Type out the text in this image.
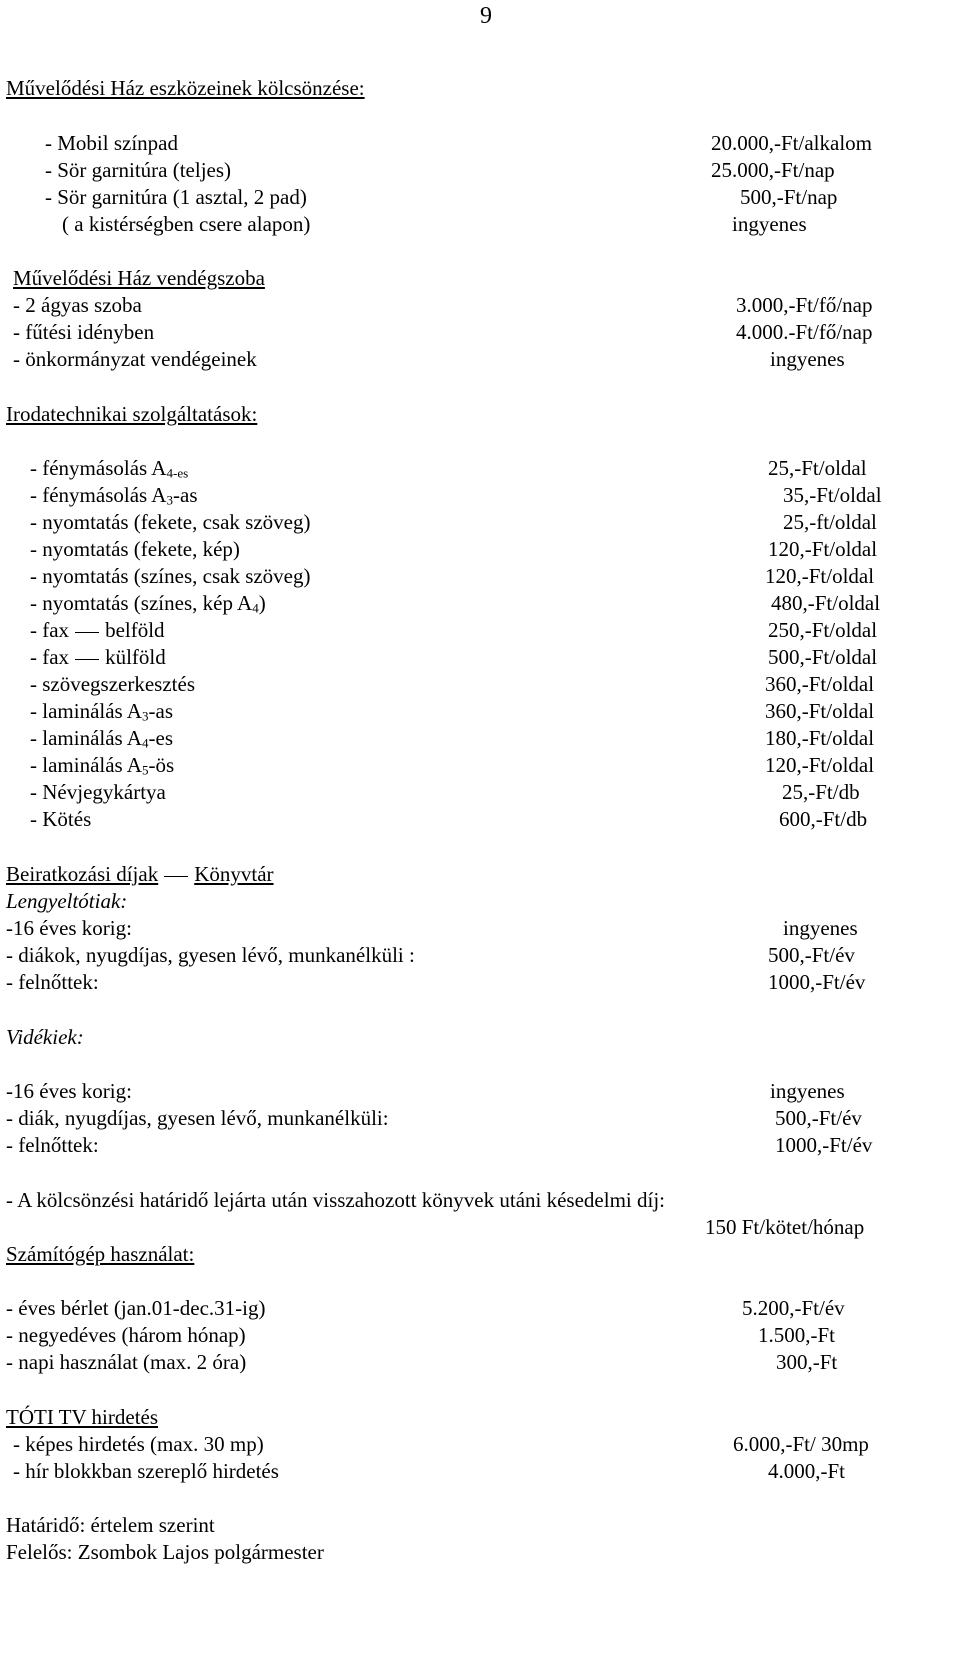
9
Művelődési Ház eszközeinek kölcsönzése:
- Mobil színpad	20.000,-Ft/alkalom
- Sör garnitúra (teljes)	25.000,-Ft/nap
- Sör garnitúra (1 asztal, 2 pad)	500,-Ft/nap
( a kistérségben csere alapon)	ingyenes
Művelődési Ház vendégszoba
- 2 ágyas szoba	3.000,-Ft/fő/nap
- fűtési idényben	4.000.-Ft/fő/nap
- önkormányzat vendégeinek	ingyenes
Irodatechnikai szolgáltatások:
- fénymásolás $A_{4-es}$	25,-Ft/oldal
- fénymásolás $A_3-as$	35,-Ft/oldal
- nyomtatás (fekete, csak szöveg)	25,-ft/oldal
- nyomtatás (fekete, kép)	120,-Ft/oldal
- nyomtatás (színes, csak szöveg)	120,-Ft/oldal
- nyomtatás (színes, kép $A_4$)	480,-Ft/oldal
- fax belföld	250,-Ft/oldal
- fax külföld	500,-Ft/oldal
- szövegszerkesztés	360,-Ft/oldal
- laminálás $A_3-as$	360,-Ft/oldal
- laminálás $A_4-es$	180,-Ft/oldal
- laminálás $A_5-ös$	120,-Ft/oldal
- Névjegykártya	25,-Ft/db
- Kötés	600,-Ft/db
Beiratkozási díjak Könyvtár
Lengyeltótiak:
-16 éves korig:	ingyenes
- diákok, nyugdíjas, gyesen lévő, munkanélküli :	500,-Ft/év
- felnőttek:	1000,-Ft/év
Vidékiek:
-16 éves korig:	ingyenes
- diák, nyugdíjas, gyesen lévő, munkanélküli:	500,-Ft/év
- felnőttek:	1000,-Ft/év
- A kölcsönzési határidő lejárta után visszahozott könyvek utáni késedelmi díj:
150 Ft/kötet/hónap
Számítógép használat:
- éves bérlet (jan.01-dec.31-ig)	5.200,-Ft/év
- negyedéves (három hónap)	1.500,-Ft
- napi használat (max. 2 óra)	300,-Ft
TÓTI TV hirdetés
- képes hirdetés (max. 30 mp)	6.000,-Ft/ 30mp
- hír blokkban szereplő hirdetés	4.000,-Ft
Határidő: értelem szerint
Felelős: Zsombok Lajos polgármester
